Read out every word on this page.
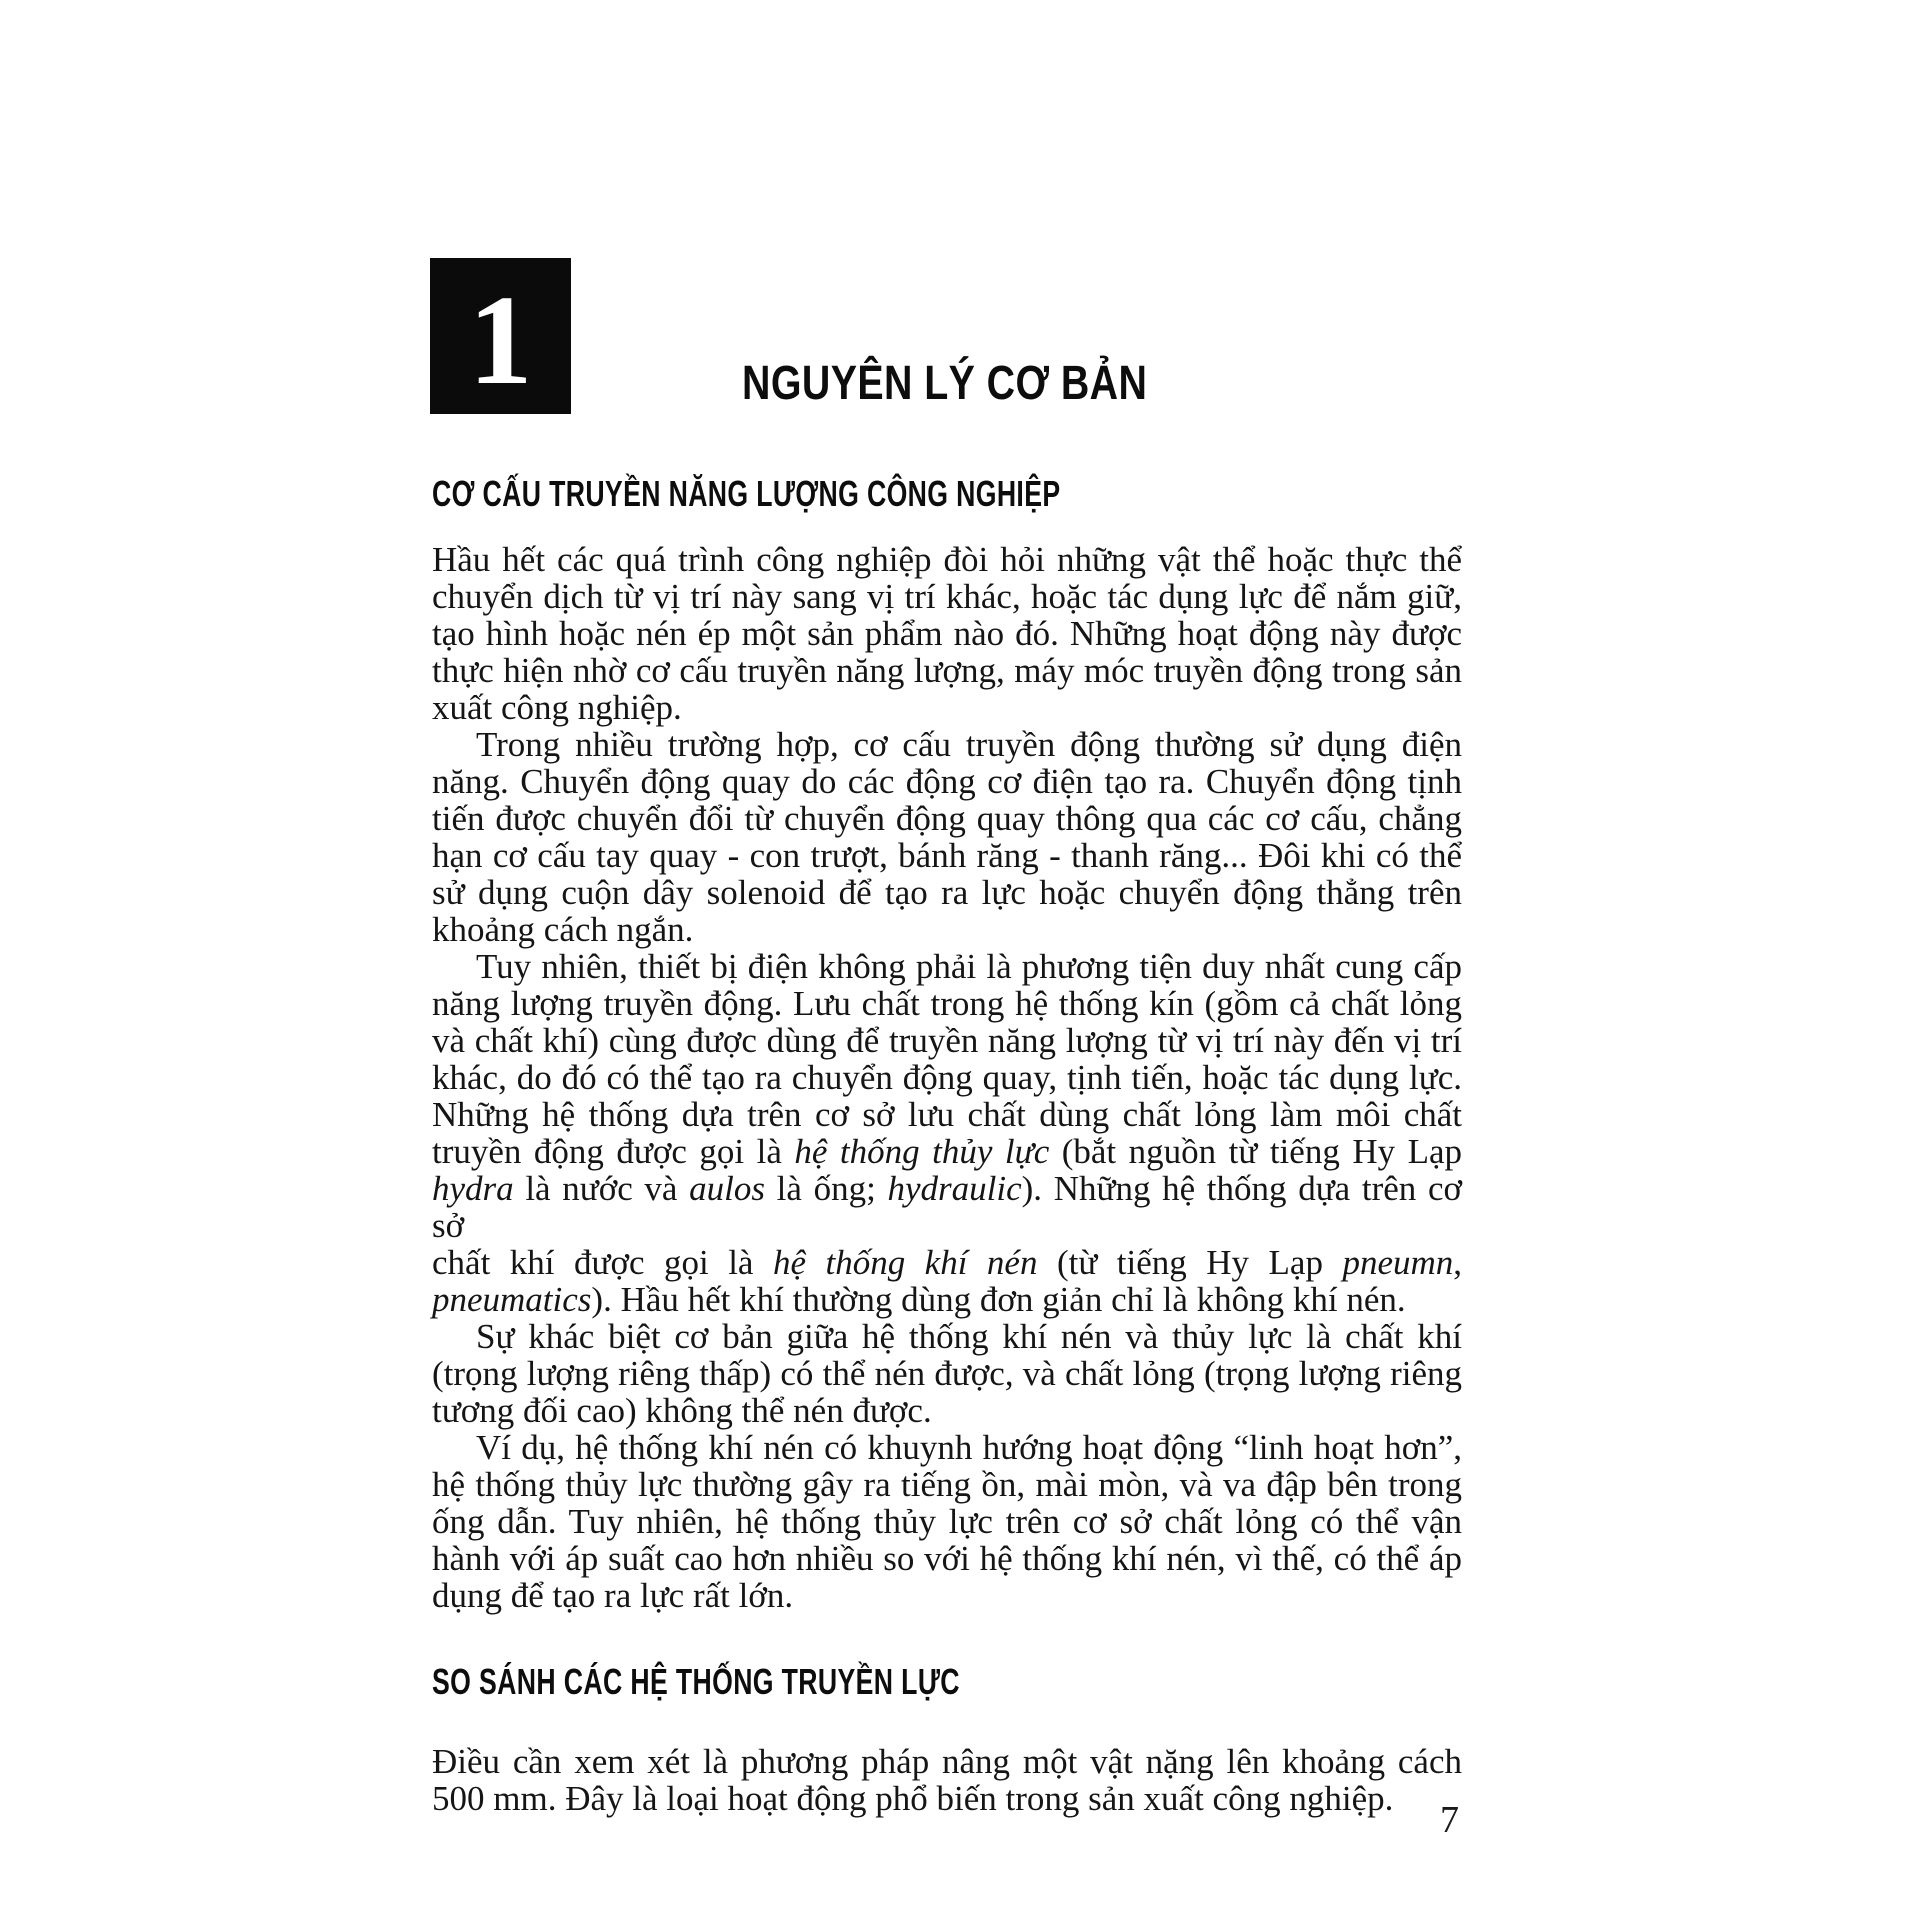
1	NGUYÊN LÝ CƠ BẢN
CƠ CẤU TRUYỀN NĂNG LƯỢNG CÔNG NGHIỆP
Hầu hết các quá trình công nghiệp đòi hỏi những vật thể hoặc thực thể
chuyển dịch từ vị trí này sang vị trí khác, hoặc tác dụng lực để nắm giữ,
tạo hình hoặc nén ép một sản phẩm nào đó. Những hoạt động này được
thực hiện nhờ cơ cấu truyền năng lượng, máy móc truyền động trong sản
xuất công nghiệp.
Trong nhiều trường hợp, cơ cấu truyền động thường sử dụng điện
năng. Chuyển động quay do các động cơ điện tạo ra. Chuyển động tịnh
tiến được chuyển đổi từ chuyển động quay thông qua các cơ cấu, chẳng
hạn cơ cấu tay quay - con trượt, bánh răng - thanh răng... Đôi khi có thể
sử dụng cuộn dây solenoid để tạo ra lực hoặc chuyển động thẳng trên
khoảng cách ngắn.
Tuy nhiên, thiết bị điện không phải là phương tiện duy nhất cung cấp
năng lượng truyền động. Lưu chất trong hệ thống kín (gồm cả chất lỏng
và chất khí) cùng được dùng để truyền năng lượng từ vị trí này đến vị trí
khác, do đó có thể tạo ra chuyển động quay, tịnh tiến, hoặc tác dụng lực.
Những hệ thống dựa trên cơ sở lưu chất dùng chất lỏng làm môi chất
truyền động được gọi là hệ thống thủy lực (bắt nguồn từ tiếng Hy Lạp
hydra là nước và aulos là ống; hydraulic). Những hệ thống dựa trên cơ sở
chất khí được gọi là hệ thống khí nén (từ tiếng Hy Lạp pneumn,
pneumatics). Hầu hết khí thường dùng đơn giản chỉ là không khí nén.
Sự khác biệt cơ bản giữa hệ thống khí nén và thủy lực là chất khí
(trọng lượng riêng thấp) có thể nén được, và chất lỏng (trọng lượng riêng
tương đối cao) không thể nén được.
Ví dụ, hệ thống khí nén có khuynh hướng hoạt động “linh hoạt hơn”,
hệ thống thủy lực thường gây ra tiếng ồn, mài mòn, và va đập bên trong
ống dẫn. Tuy nhiên, hệ thống thủy lực trên cơ sở chất lỏng có thể vận
hành với áp suất cao hơn nhiều so với hệ thống khí nén, vì thế, có thể áp
dụng để tạo ra lực rất lớn.
SO SÁNH CÁC HỆ THỐNG TRUYỀN LỰC
Điều cần xem xét là phương pháp nâng một vật nặng lên khoảng cách
500 mm. Đây là loại hoạt động phổ biến trong sản xuất công nghiệp.
7
